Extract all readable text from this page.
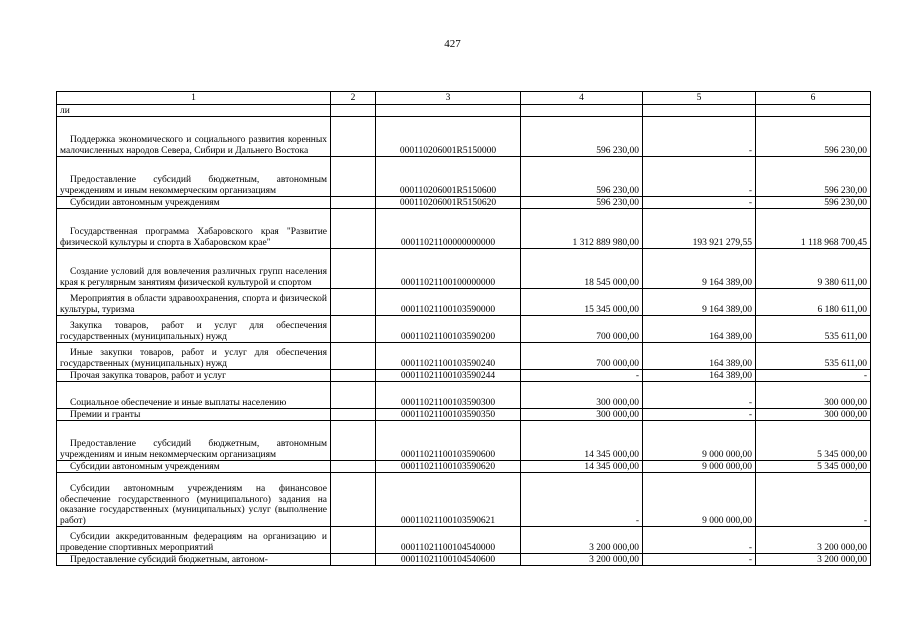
427
1	2	3	4	5	6
ли					
Поддержка экономического и социального развития коренных малочисленных народов Севера, Сибири и Дальнего Востока		000110206001R5150000	596 230,00	-	596 230,00
Предоставление субсидий бюджетным, автономным учреждениям и иным некоммерческим организациям		000110206001R5150600	596 230,00	-	596 230,00
Субсидии автономным учреждениям		000110206001R5150620	596 230,00	-	596 230,00
Государственная программа Хабаровского края "Развитие физической культуры и спорта в Хабаровском крае"		00011021100000000000	1 312 889 980,00	193 921 279,55	1 118 968 700,45
Создание условий для вовлечения различных групп населения края к регулярным занятиям физической культурой и спортом		00011021100100000000	18 545 000,00	9 164 389,00	9 380 611,00
Мероприятия в области здравоохранения, спорта и физической культуры, туризма		00011021100103590000	15 345 000,00	9 164 389,00	6 180 611,00
Закупка товаров, работ и услуг для обеспечения государственных (муниципальных) нужд		00011021100103590200	700 000,00	164 389,00	535 611,00
Иные закупки товаров, работ и услуг для обеспечения государственных (муниципальных) нужд		00011021100103590240	700 000,00	164 389,00	535 611,00
Прочая закупка товаров, работ и услуг		00011021100103590244	-	164 389,00	-
Социальное обеспечение и иные выплаты населению		00011021100103590300	300 000,00	-	300 000,00
Премии и гранты		00011021100103590350	300 000,00	-	300 000,00
Предоставление субсидий бюджетным, автономным учреждениям и иным некоммерческим организациям		00011021100103590600	14 345 000,00	9 000 000,00	5 345 000,00
Субсидии автономным учреждениям		00011021100103590620	14 345 000,00	9 000 000,00	5 345 000,00
Субсидии автономным учреждениям на финансовое обеспечение государственного (муниципального) задания на оказание государственных (муниципальных) услуг (выполнение работ)		00011021100103590621	-	9 000 000,00	-
Субсидии аккредитованным федерациям на организацию и проведение спортивных мероприятий		00011021100104540000	3 200 000,00	-	3 200 000,00
Предоставление субсидий бюджетным, автоном-		00011021100104540600	3 200 000,00	-	3 200 000,00
